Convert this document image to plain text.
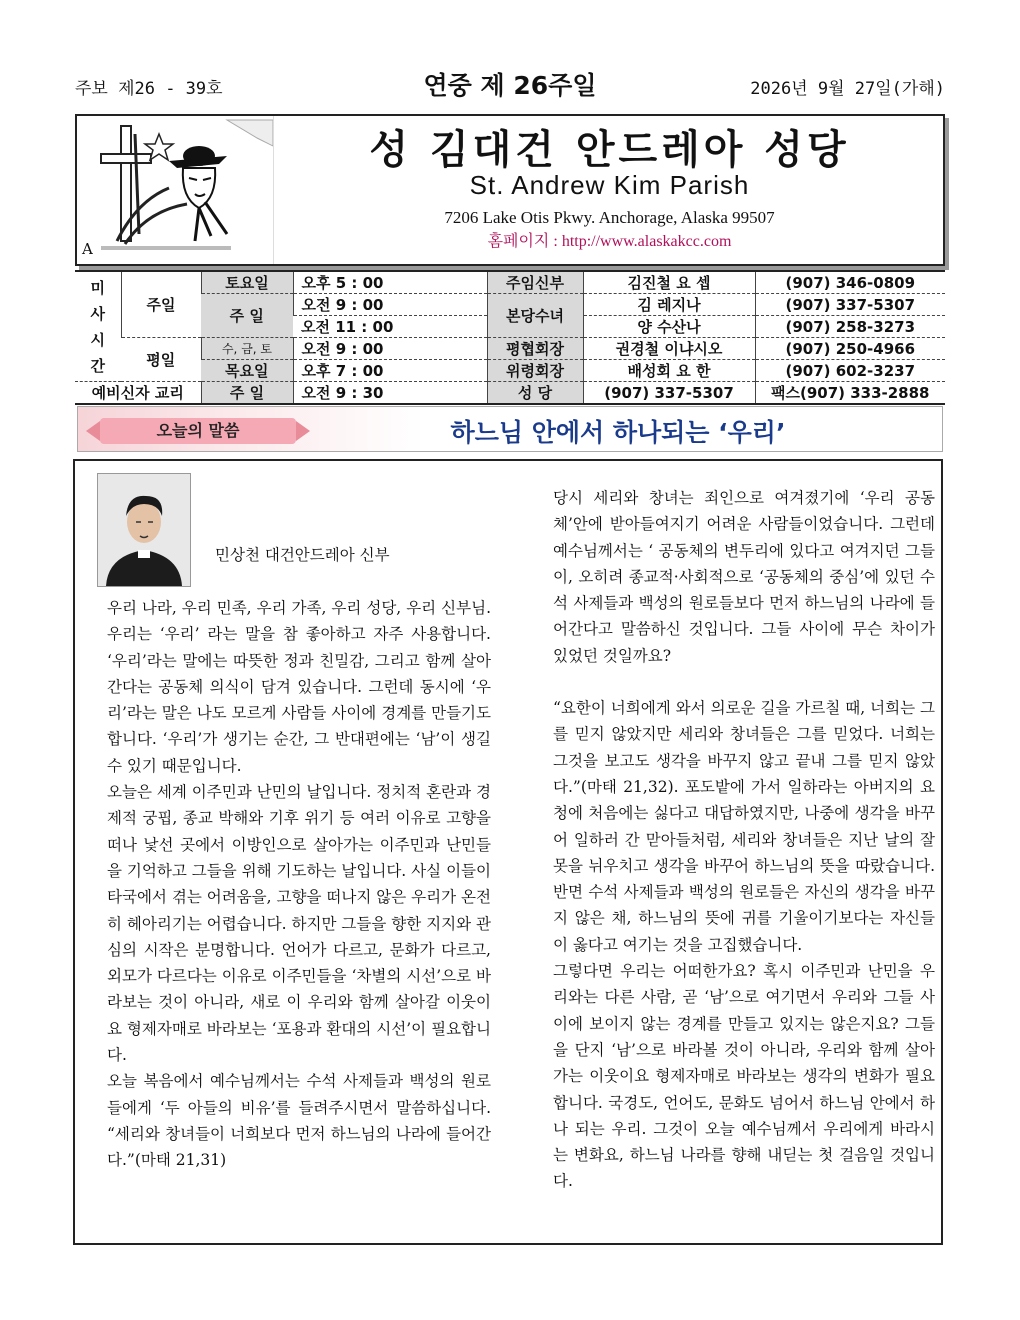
주보 제26 - 39호	연중 제 26주일	2026년 9월 27일(가해)
A
성 김대건 안드레아 성당
St. Andrew Kim Parish
7206 Lake Otis Pkwy. Anchorage, Alaska 99507
홈페이지 : http://www.alaskakcc.com
미
사
시
간	주일	토요일	오후 5 : 00	주임신부	김진철 요 셉	(907) 346-0809
		주 일	오전 9 : 00	본당수녀	김 레지나	(907) 337-5307
			오전 11 : 00		양 수산나	(907) 258-3273
	평일	수, 금, 토	오전 9 : 00	평협회장	권경철 이냐시오	(907) 250-4966
		목요일	오후 7 : 00	위령회장	배성회 요 한	(907) 602-3237
예비신자 교리		주 일	오전 9 : 30	성 당	(907) 337-5307	팩스(907) 333-2888
오늘의 말씀	하느님 안에서 하나되는 ‘우리’
민상천 대건안드레아 신부

우리 나라, 우리 민족, 우리 가족, 우리 성당, 우리 신부님. 우리는 ‘우리’ 라는 말을 참 좋아하고 자주 사용합니다. ‘우리’라는 말에는 따뜻한 정과 친밀감, 그리고 함께 살아간다는 공동체 의식이 담겨 있습니다. 그런데 동시에 ‘우리’라는 말은 나도 모르게 사람들 사이에 경계를 만들기도 합니다. ‘우리’가 생기는 순간, 그 반대편에는 ‘남’이 생길 수 있기 때문입니다.

오늘은 세계 이주민과 난민의 날입니다. 정치적 혼란과 경제적 궁핍, 종교 박해와 기후 위기 등 여러 이유로 고향을 떠나 낯선 곳에서 이방인으로 살아가는 이주민과 난민들을 기억하고 그들을 위해 기도하는 날입니다. 사실 이들이 타국에서 겪는 어려움을, 고향을 떠나지 않은 우리가 온전히 헤아리기는 어렵습니다. 하지만 그들을 향한 지지와 관심의 시작은 분명합니다. 언어가 다르고, 문화가 다르고, 외모가 다르다는 이유로 이주민들을 ‘차별의 시선’으로 바라보는 것이 아니라, 새로 이 우리와 함께 살아갈 이웃이요 형제자매로 바라보는 ‘포용과 환대의 시선’이 필요합니다.

오늘 복음에서 예수님께서는 수석 사제들과 백성의 원로들에게 ‘두 아들의 비유’를 들려주시면서 말씀하십니다. “세리와 창녀들이 너희보다 먼저 하느님의 나라에 들어간다.”(마태 21,31)

당시 세리와 창녀는 죄인으로 여겨졌기에 ‘우리 공동체’안에 받아들여지기 어려운 사람들이었습니다. 그런데 예수님께서는 ‘ 공동체의 변두리에 있다고 여겨지던 그들이, 오히려 종교적·사회적으로 ‘공동체의 중심’에 있던 수석 사제들과 백성의 원로들보다 먼저 하느님의 나라에 들어간다고 말씀하신 것입니다. 그들 사이에 무슨 차이가 있었던 것일까요?

“요한이 너희에게 와서 의로운 길을 가르칠 때, 너희는 그를 믿지 않았지만 세리와 창녀들은 그를 믿었다. 너희는 그것을 보고도 생각을 바꾸지 않고 끝내 그를 믿지 않았다.”(마태 21,32). 포도밭에 가서 일하라는 아버지의 요청에 처음에는 싫다고 대답하였지만, 나중에 생각을 바꾸어 일하러 간 맏아들처럼, 세리와 창녀들은 지난 날의 잘못을 뉘우치고 생각을 바꾸어 하느님의 뜻을 따랐습니다. 반면 수석 사제들과 백성의 원로들은 자신의 생각을 바꾸지 않은 채, 하느님의 뜻에 귀를 기울이기보다는 자신들이 옳다고 여기는 것을 고집했습니다.

그렇다면 우리는 어떠한가요? 혹시 이주민과 난민을 우리와는 다른 사람, 곧 ‘남’으로 여기면서 우리와 그들 사이에 보이지 않는 경계를 만들고 있지는 않은지요? 그들을 단지 ‘남’으로 바라볼 것이 아니라, 우리와 함께 살아가는 이웃이요 형제자매로 바라보는 생각의 변화가 필요합니다. 국경도, 언어도, 문화도 넘어서 하느님 안에서 하나 되는 우리. 그것이 오늘 예수님께서 우리에게 바라시는 변화요, 하느님 나라를 향해 내딛는 첫 걸음일 것입니다.
